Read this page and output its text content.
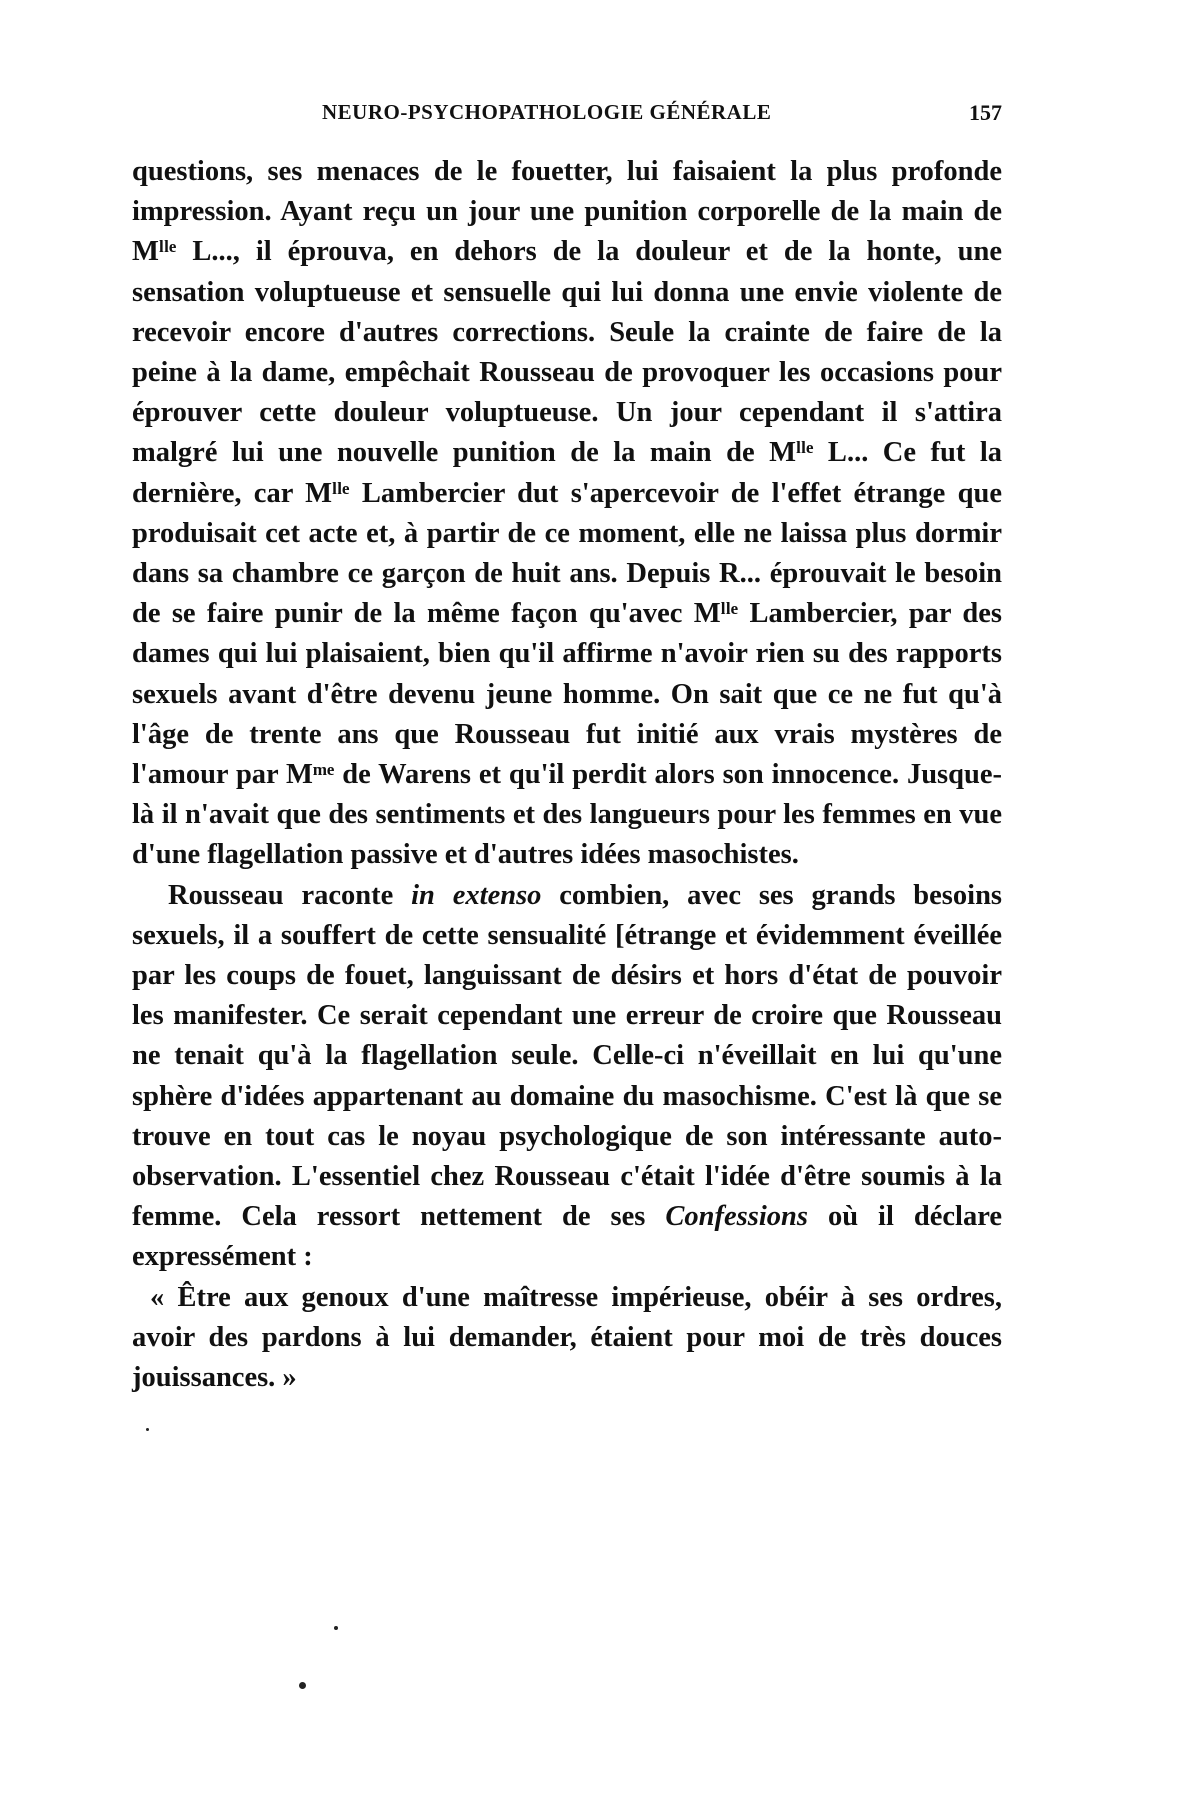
NEURO-PSYCHOPATHOLOGIE GÉNÉRALE	157

questions, ses menaces de le fouetter, lui faisaient la plus profonde impression. Ayant reçu un jour une punition corporelle de la main de Mˡˡᵉ L..., il éprouva, en dehors de la douleur et de la honte, une sensation voluptueuse et sensuelle qui lui donna une envie violente de recevoir encore d'autres corrections. Seule la crainte de faire de la peine à la dame, empêchait Rousseau de provoquer les occasions pour éprouver cette douleur voluptueuse. Un jour cependant il s'attira malgré lui une nouvelle punition de la main de Mˡˡᵉ L... Ce fut la dernière, car Mˡˡᵉ Lambercier dut s'apercevoir de l'effet étrange que produisait cet acte et, à partir de ce moment, elle ne laissa plus dormir dans sa chambre ce garçon de huit ans. Depuis R... éprouvait le besoin de se faire punir de la même façon qu'avec Mˡˡᵉ Lambercier, par des dames qui lui plaisaient, bien qu'il affirme n'avoir rien su des rapports sexuels avant d'être devenu jeune homme. On sait que ce ne fut qu'à l'âge de trente ans que Rousseau fut initié aux vrais mystères de l'amour par Mᵐᵉ de Warens et qu'il perdit alors son innocence. Jusque-là il n'avait que des sentiments et des langueurs pour les femmes en vue d'une flagellation passive et d'autres idées masochistes.

Rousseau raconte in extenso combien, avec ses grands besoins sexuels, il a souffert de cette sensualité [étrange et évidemment éveillée par les coups de fouet, languissant de désirs et hors d'état de pouvoir les manifester. Ce serait cependant une erreur de croire que Rousseau ne tenait qu'à la flagellation seule. Celle-ci n'éveillait en lui qu'une sphère d'idées appartenant au domaine du masochisme. C'est là que se trouve en tout cas le noyau psychologique de son intéressante auto-observation. L'essentiel chez Rousseau c'était l'idée d'être soumis à la femme. Cela ressort nettement de ses Confessions où il déclare expressément :

« Être aux genoux d'une maîtresse impérieuse, obéir à ses ordres, avoir des pardons à lui demander, étaient pour moi de très douces jouissances. »
